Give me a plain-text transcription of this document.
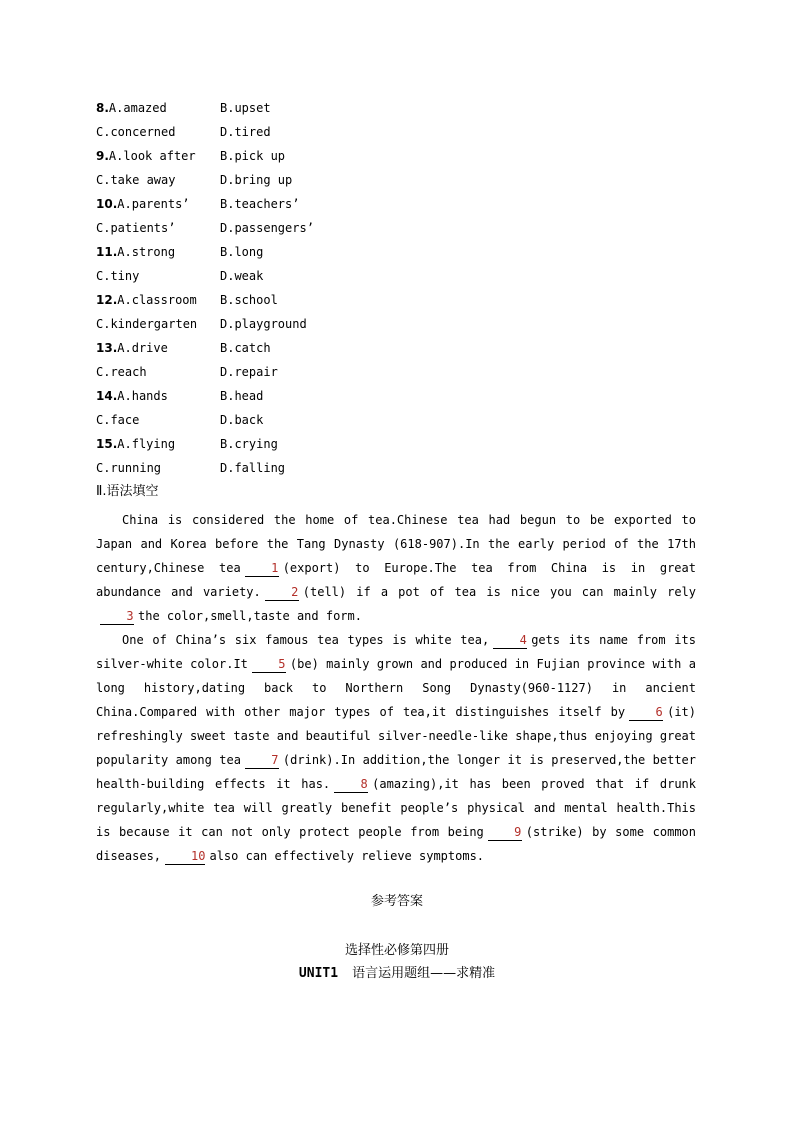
8.A.amazed	B.upset
C.concerned	D.tired
9.A.look after B.pick up
C.take away	D.bring up
10.A.parents’	B.teachers’
C.patients’	D.passengers’
11.A.strong	B.long
C.tiny	D.weak
12.A.classroom B.school
C.kindergarten D.playground
13.A.drive	B.catch
C.reach	D.repair
14.A.hands	B.head
C.face	D.back
15.A.flying	B.crying
C.running	D.falling
Ⅱ.语法填空

China is considered the home of tea.Chinese tea had begun to be exported to Japan and Korea before the Tang Dynasty (618-907).In the early period of the 17th century,Chinese tea	1 (export) to Europe.The tea from China is in great abundance and variety.	2 (tell) if a pot of tea is nice you can mainly rely3 the color,smell,taste and form.

One of China’s six famous tea types is white tea,	4 gets its name from its silver-white color.It	5 (be) mainly grown and produced in Fujian province with a long history,dating back to Northern Song Dynasty(960-1127) in ancient China.Compared with other major types of tea,it distinguishes itself by	6 (it) refreshingly sweet taste and beautiful silver-needle-like shape,thus enjoying great popularity among tea	7 (drink).In addition,the longer it is preserved,the better health-building effects it has.	8 (amazing),it has been proved that if drunk regularly,white tea will greatly benefit people’s physical and mental health.This is because it can not only protect people from being	9 (strike) by some common diseases,	10 also can effectively relieve symptoms.

参考答案
选择性必修第四册
UNIT1 语言运用题组——求精准
